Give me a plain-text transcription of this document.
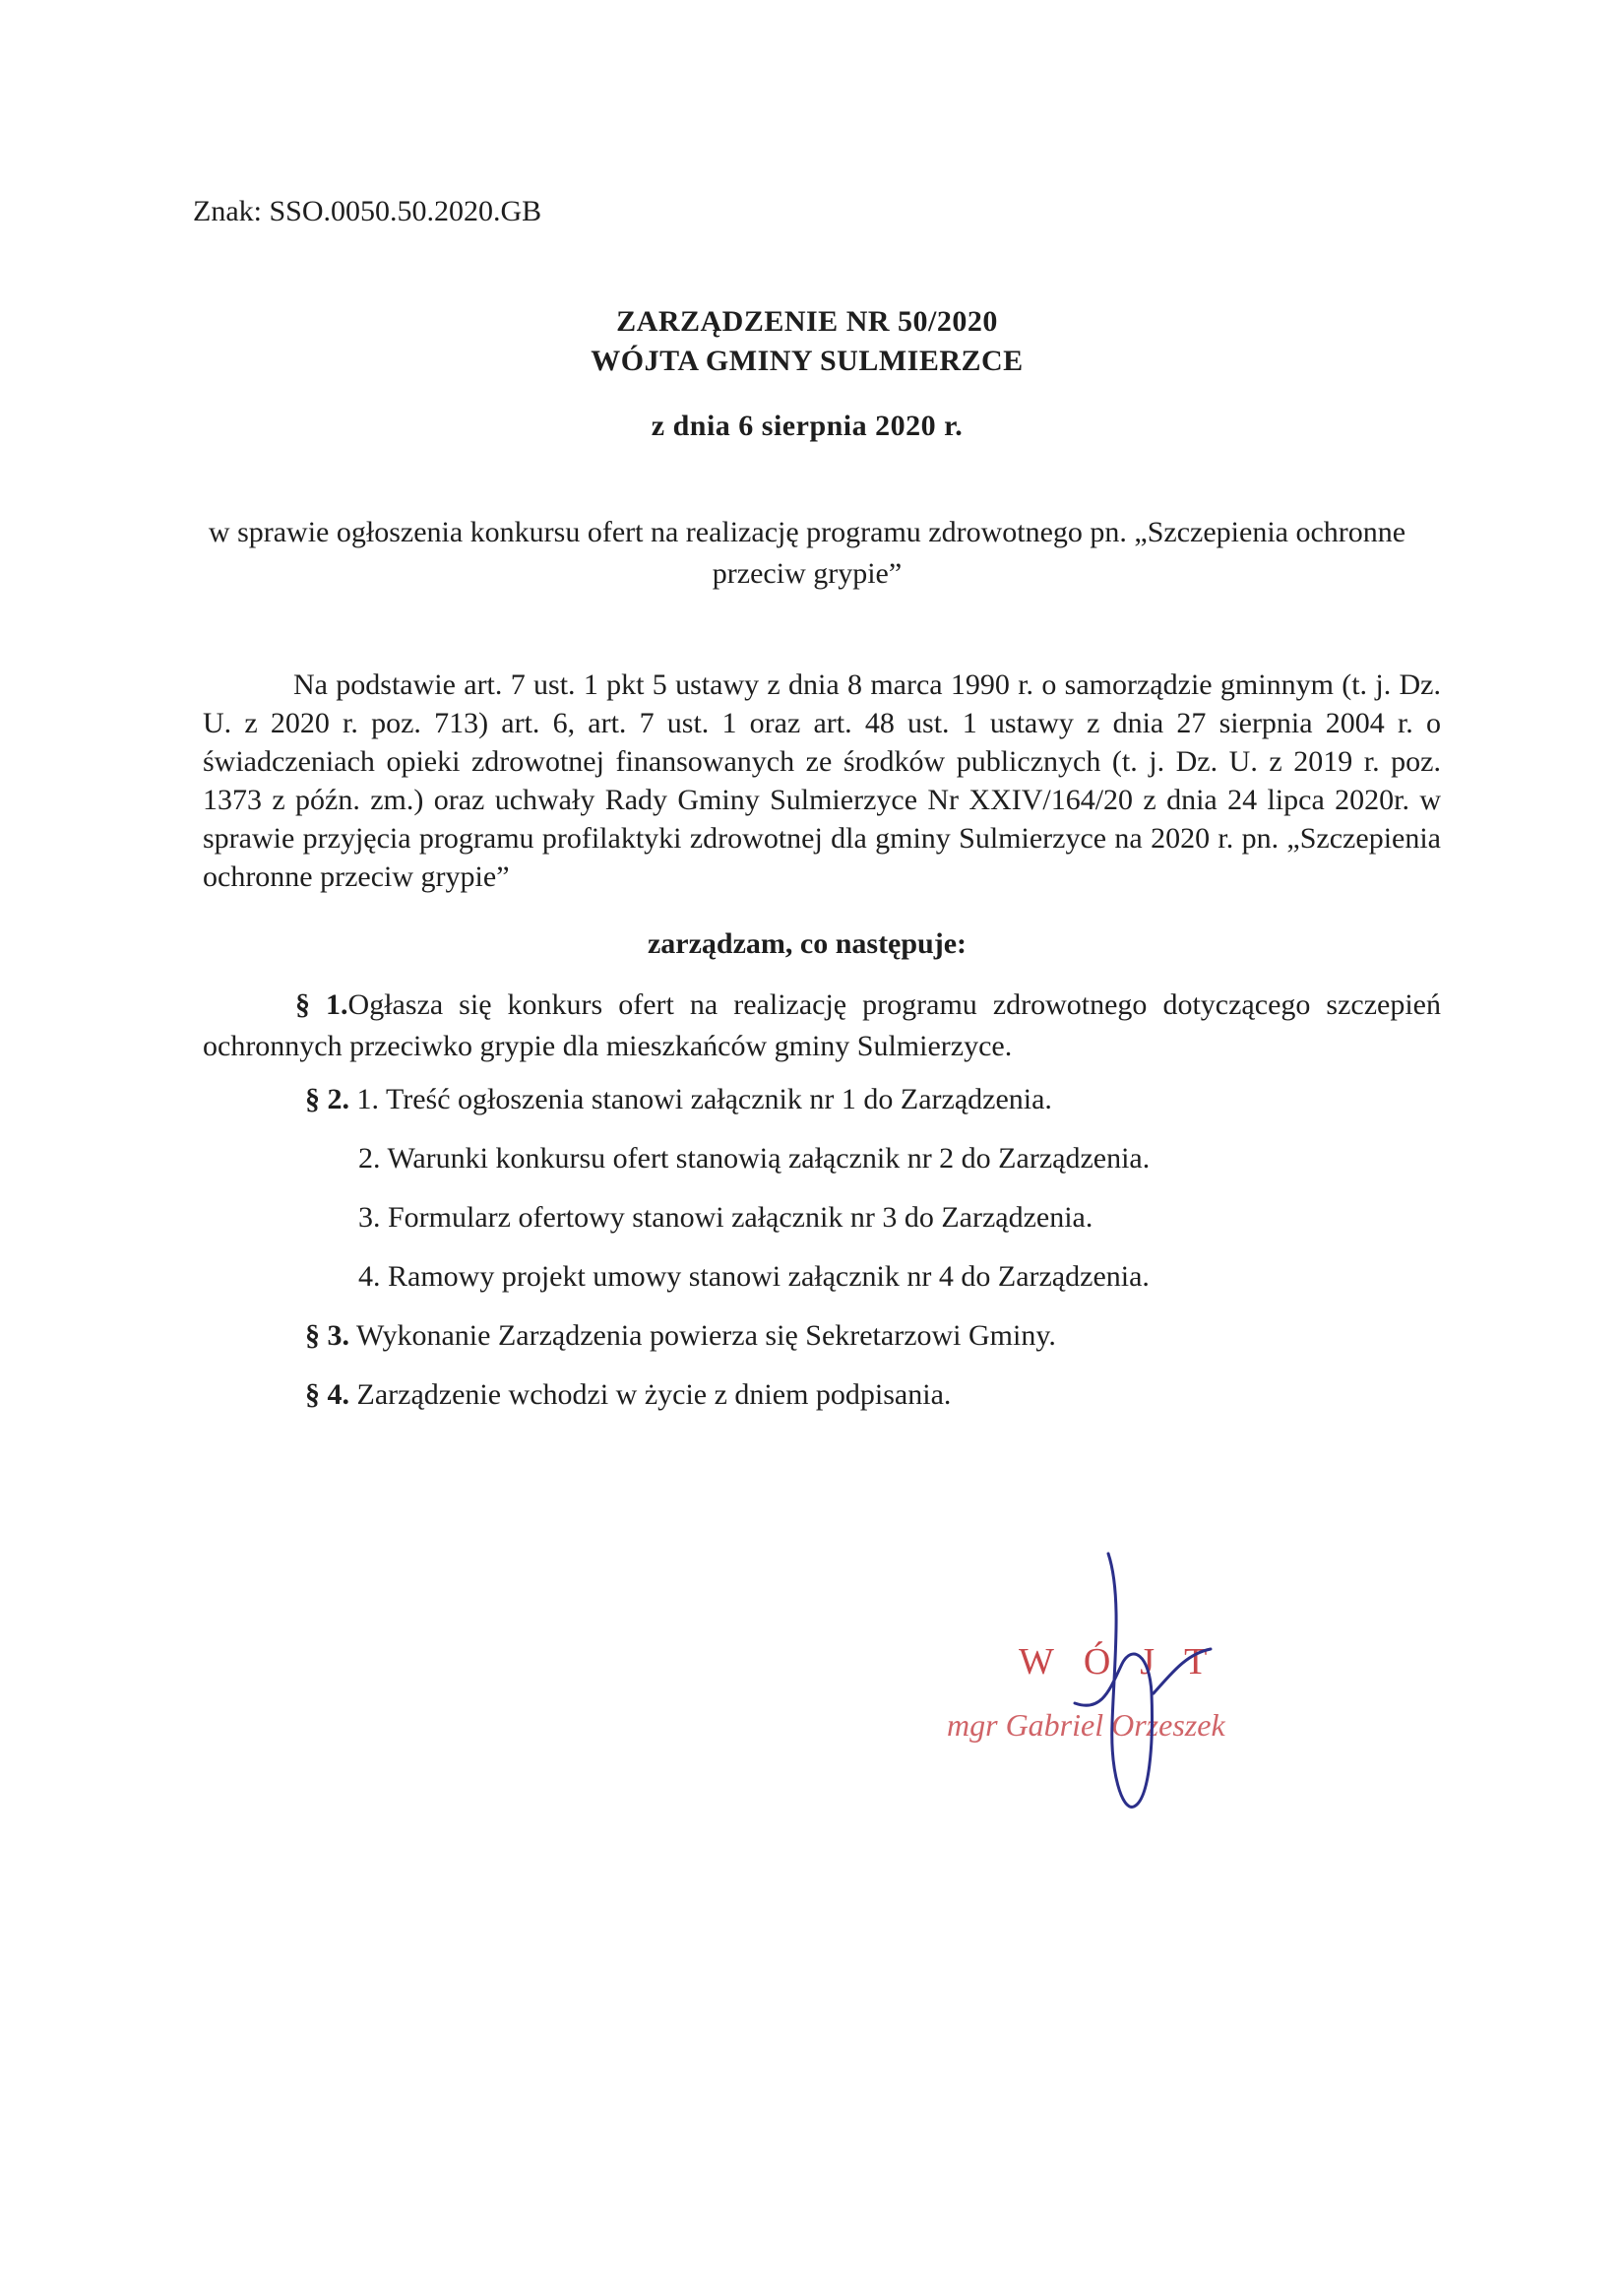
Znak: SSO.0050.50.2020.GB
ZARZĄDZENIE NR 50/2020
WÓJTA GMINY SULMIERZCE
z dnia 6 sierpnia 2020 r.
w sprawie ogłoszenia konkursu ofert na realizację programu zdrowotnego pn. „Szczepienia ochronne przeciw grypie”
Na podstawie art. 7 ust. 1 pkt 5 ustawy z dnia 8 marca 1990 r. o samorządzie gminnym (t. j. Dz. U. z 2020 r. poz. 713) art. 6, art. 7 ust. 1 oraz art. 48 ust. 1 ustawy z dnia 27 sierpnia 2004 r. o świadczeniach opieki zdrowotnej finansowanych ze środków publicznych (t. j. Dz. U. z 2019 r. poz. 1373 z późn. zm.) oraz uchwały Rady Gminy Sulmierzyce Nr XXIV/164/20 z dnia 24 lipca 2020r. w sprawie przyjęcia programu profilaktyki zdrowotnej dla gminy Sulmierzyce na 2020 r. pn. „Szczepienia ochronne przeciw grypie”
zarządzam, co następuje:
§ 1.Ogłasza się konkurs ofert na realizację programu zdrowotnego dotyczącego szczepień ochronnych przeciwko grypie dla mieszkańców gminy Sulmierzyce.
§ 2. 1. Treść ogłoszenia stanowi załącznik nr 1 do Zarządzenia.
2. Warunki konkursu ofert stanowią załącznik nr 2 do Zarządzenia.
3. Formularz ofertowy stanowi załącznik nr 3 do Zarządzenia.
4. Ramowy projekt umowy stanowi załącznik nr 4 do Zarządzenia.
§ 3. Wykonanie Zarządzenia powierza się Sekretarzowi Gminy.
§ 4. Zarządzenie wchodzi w życie z dniem podpisania.
WÓJT
mgr Gabriel Orzeszek
